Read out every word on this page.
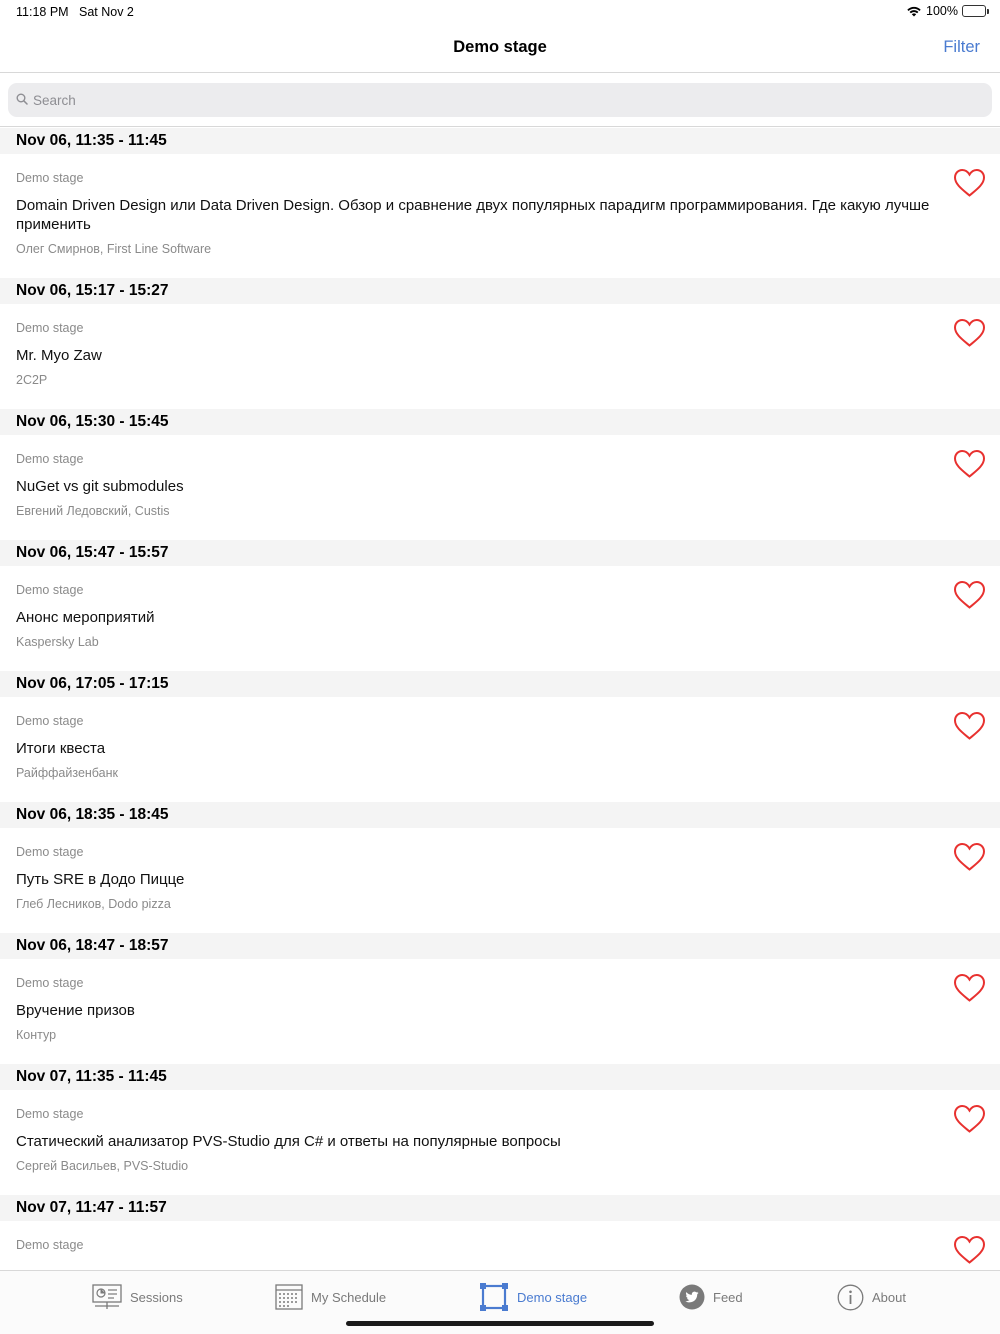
11:18 PM Sat Nov 2	100%
Demo stage	Filter
Search
Nov 06, 11:35 - 11:45
Demo stage
Domain Driven Design или Data Driven Design. Обзор и сравнение двух популярных парадигм программирования. Где какую лучше применить
Олег Смирнов, First Line Software
Nov 06, 15:17 - 15:27
Demo stage
Mr. Myo Zaw
2C2P
Nov 06, 15:30 - 15:45
Demo stage
NuGet vs git submodules
Евгений Ледовский, Custis
Nov 06, 15:47 - 15:57
Demo stage
Анонс мероприятий
Kaspersky Lab
Nov 06, 17:05 - 17:15
Demo stage
Итоги квеста
Райффайзенбанк
Nov 06, 18:35 - 18:45
Demo stage
Путь SRE в Додо Пицце
Глеб Лесников, Dodo pizza
Nov 06, 18:47 - 18:57
Demo stage
Вручение призов
Контур
Nov 07, 11:35 - 11:45
Demo stage
Статический анализатор PVS-Studio для C# и ответы на популярные вопросы
Сергей Васильев, PVS-Studio
Nov 07, 11:47 - 11:57
Demo stage
Sessions	My Schedule	Demo stage	Feed	About
